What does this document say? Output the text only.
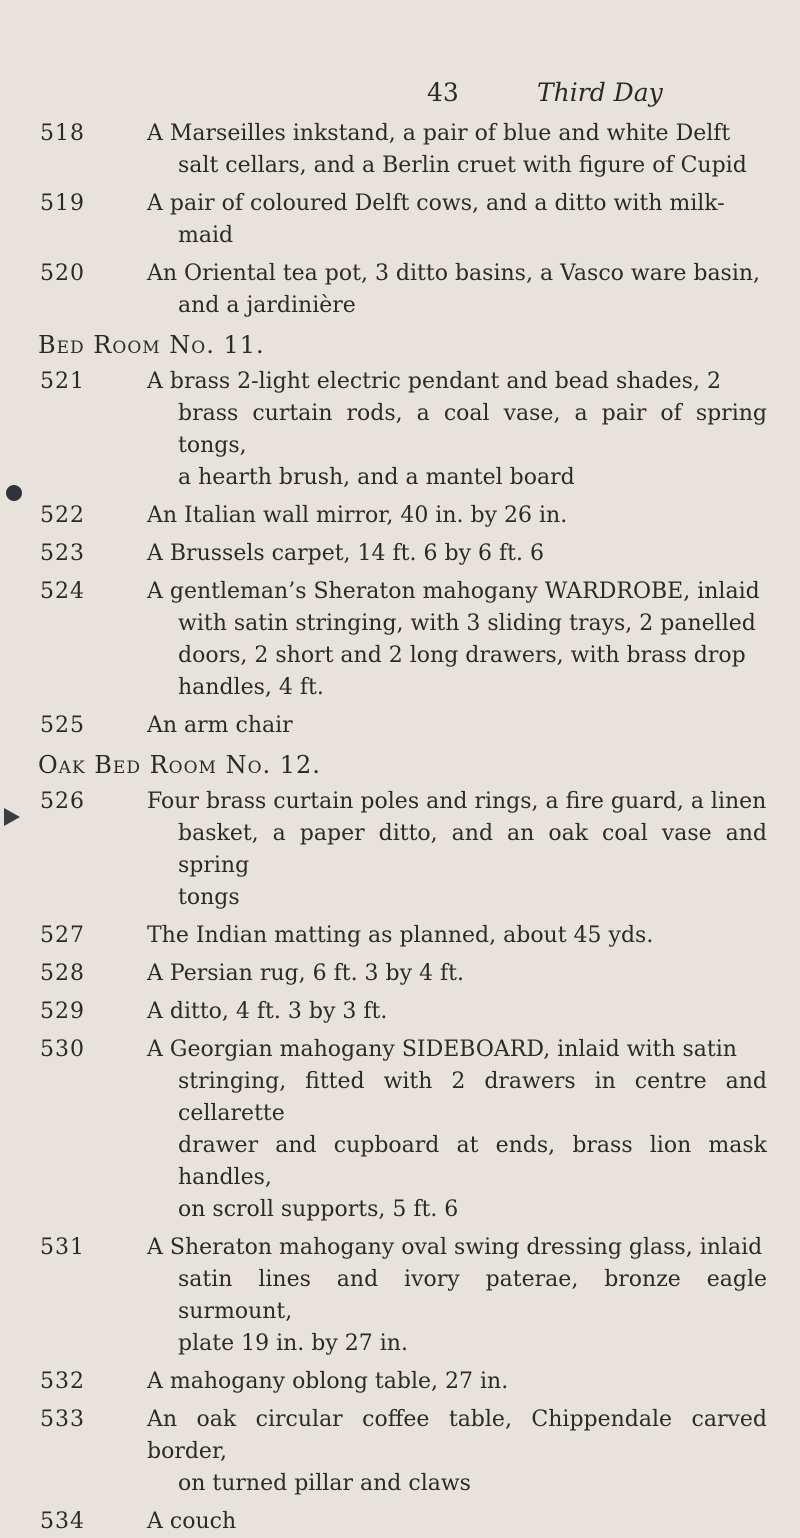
43	Third Day
518	A Marseilles inkstand, a pair of blue and white Delft
salt cellars, and a Berlin cruet with figure of Cupid
519	A pair of coloured Delft cows, and a ditto with milk-
maid
520	An Oriental tea pot, 3 ditto basins, a Vasco ware basin,
and a jardinière
Bed Room No. 11.
521	A brass 2-light electric pendant and bead shades, 2
brass curtain rods, a coal vase, a pair of spring tongs,
a hearth brush, and a mantel board
522	An Italian wall mirror, 40 in. by 26 in.
523	A Brussels carpet, 14 ft. 6 by 6 ft. 6
524	A gentleman’s Sheraton mahogany WARDROBE, inlaid
with satin stringing, with 3 sliding trays, 2 panelled
doors, 2 short and 2 long drawers, with brass drop
handles, 4 ft.
525	An arm chair
Oak Bed Room No. 12.
526	Four brass curtain poles and rings, a fire guard, a linen
basket, a paper ditto, and an oak coal vase and spring
tongs
527	The Indian matting as planned, about 45 yds.
528	A Persian rug, 6 ft. 3 by 4 ft.
529	A ditto, 4 ft. 3 by 3 ft.
530	A Georgian mahogany SIDEBOARD, inlaid with satin
stringing, fitted with 2 drawers in centre and cellarette
drawer and cupboard at ends, brass lion mask handles,
on scroll supports, 5 ft. 6
531	A Sheraton mahogany oval swing dressing glass, inlaid
satin lines and ivory paterae, bronze eagle surmount,
plate 19 in. by 27 in.
532	A mahogany oblong table, 27 in.
533	An oak circular coffee table, Chippendale carved border,
on turned pillar and claws
534	A couch
